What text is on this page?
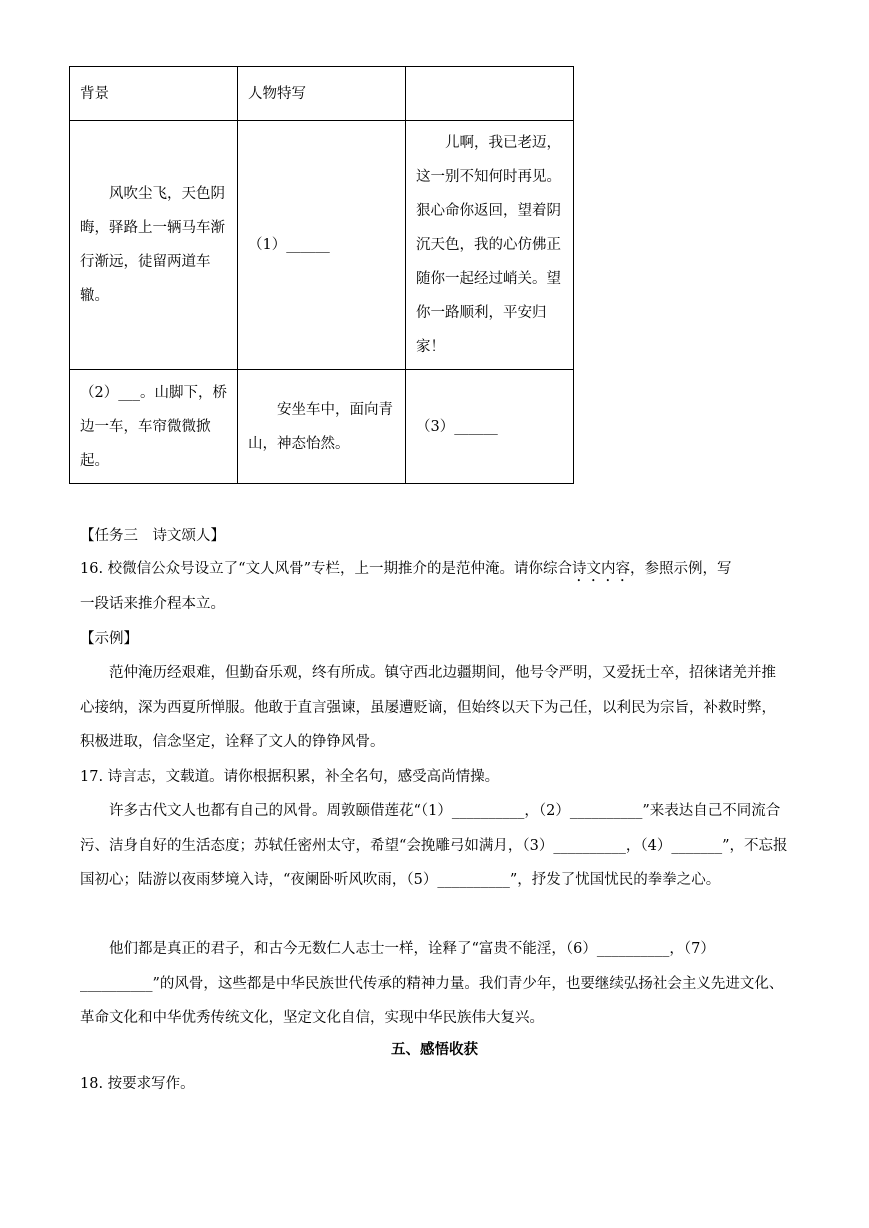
背景	人物特写	
风吹尘飞，天色阴晦，驿路上一辆马车渐行渐远，徒留两道车辙。	（1）______	儿啊，我已老迈，这一别不知何时再见。狠心命你返回，望着阴沉天色，我的心仿佛正随你一起经过峭关。望你一路顺利，平安归家！
（2）___。山脚下，桥边一车，车帘微微掀起。	安坐车中，面向青山，神态怡然。	（3）______

【任务三　诗文颂人】

16. 校微信公众号设立了“文人风骨”专栏，上一期推介的是范仲淹。请你综合诗文内容，参照示例，写

一段话来推介程本立。

【示例】

范仲淹历经艰难，但勤奋乐观，终有所成。镇守西北边疆期间，他号令严明，又爱抚士卒，招徕诸羌并推心接纳，深为西夏所惮服。他敢于直言强谏，虽屡遭贬谪，但始终以天下为己任，以利民为宗旨，补救时弊，积极进取，信念坚定，诠释了文人的铮铮风骨。

17. 诗言志，文载道。请你根据积累，补全名句，感受高尚情操。

许多古代文人也都有自己的风骨。周敦颐借莲花“（1）__________，（2）__________”来表达自己不同流合污、洁身自好的生活态度；苏轼任密州太守，希望“会挽雕弓如满月，（3）__________，（4）_______”，不忘报国初心；陆游以夜雨梦境入诗，“夜阑卧听风吹雨，（5）__________”，抒发了忧国忧民的拳拳之心。

他们都是真正的君子，和古今无数仁人志士一样，诠释了“富贵不能淫，（6）__________，（7）__________”的风骨，这些都是中华民族世代传承的精神力量。我们青少年，也要继续弘扬社会主义先进文化、革命文化和中华优秀传统文化，坚定文化自信，实现中华民族伟大复兴。

五、感悟收获

18. 按要求写作。
